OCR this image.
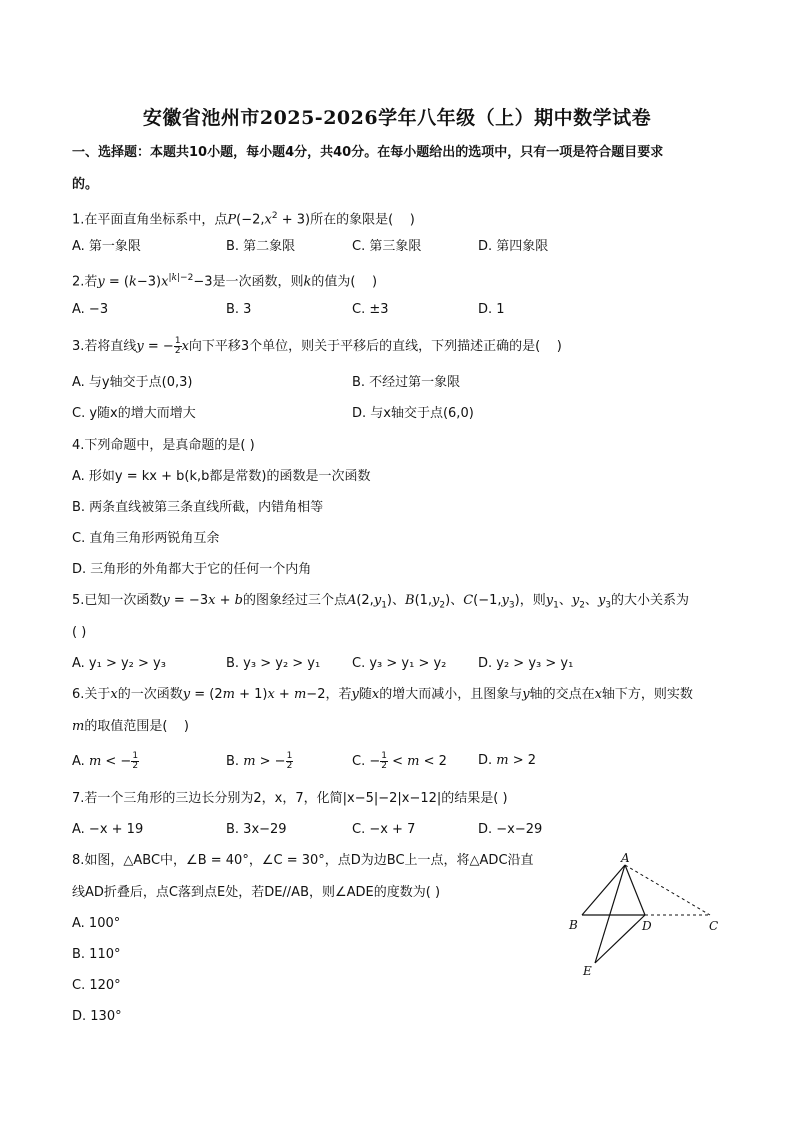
安徽省池州市2025-2026学年八年级（上）期中数学试卷
一、选择题：本题共10小题，每小题4分，共40分。在每小题给出的选项中，只有一项是符合题目要求
的。
1.在平面直角坐标系中，点$P(-2,x^2 + 3)$所在的象限是(    )
A. 第一象限	B. 第二象限	C. 第三象限	D. 第四象限
2.若$y = (k-3)x^{|k|-2}-3$是一次函数，则k的值为(    )
A. −3	B. 3	C. ±3	D. 1
3.若将直线y = − $\frac{1}{2}$ x向下平移3个单位，则关于平移后的直线，下列描述正确的是(    )
A. 与y轴交于点(0,3)	B. 不经过第一象限
C. y随x的增大而增大	D. 与x轴交于点(6,0)
4.下列命题中，是真命题的是( )
A. 形如y = kx + b(k,b都是常数)的函数是一次函数
B. 两条直线被第三条直线所截，内错角相等
C. 直角三角形两锐角互余
D. 三角形的外角都大于它的任何一个内角
5.已知一次函数y = −3x + b的图象经过三个点$A(2,y_1)$、$B(1,y_2)$、$C(-1,y_3)$，则$y_1$、$y_2$、$y_3$的大小关系为
( )
A. y₁ > y₂ > y₃	B. y₃ > y₂ > y₁ C. y₃ > y₁ > y₂ D. y₂ > y₃ > y₁
6.关于x的一次函数y = (2m + 1)x + m−2，若y随x的增大而减小，且图象与y轴的交点在x轴下方，则实数
m的取值范围是(    )
A. m < − $\frac{1}{2}$	B. m > − $\frac{1}{2}$	C. − $\frac{1}{2} < m < 2$ D. m > 2
7.若一个三角形的三边长分别为2，x，7，化简|x−5|−2|x−12|的结果是( )
A. −x + 19	B. 3x−29	C. −x + 7	D. −x−29
8.如图，△ABC中，∠B = 40°，∠C = 30°，点D为边BC上一点，将△ADC沿直
线AD折叠后，点C落到点E处，若DE//AB，则∠ADE的度数为( )
A. 100°
B. 110°
C. 120°
D. 130°
A
B	D	C
E
